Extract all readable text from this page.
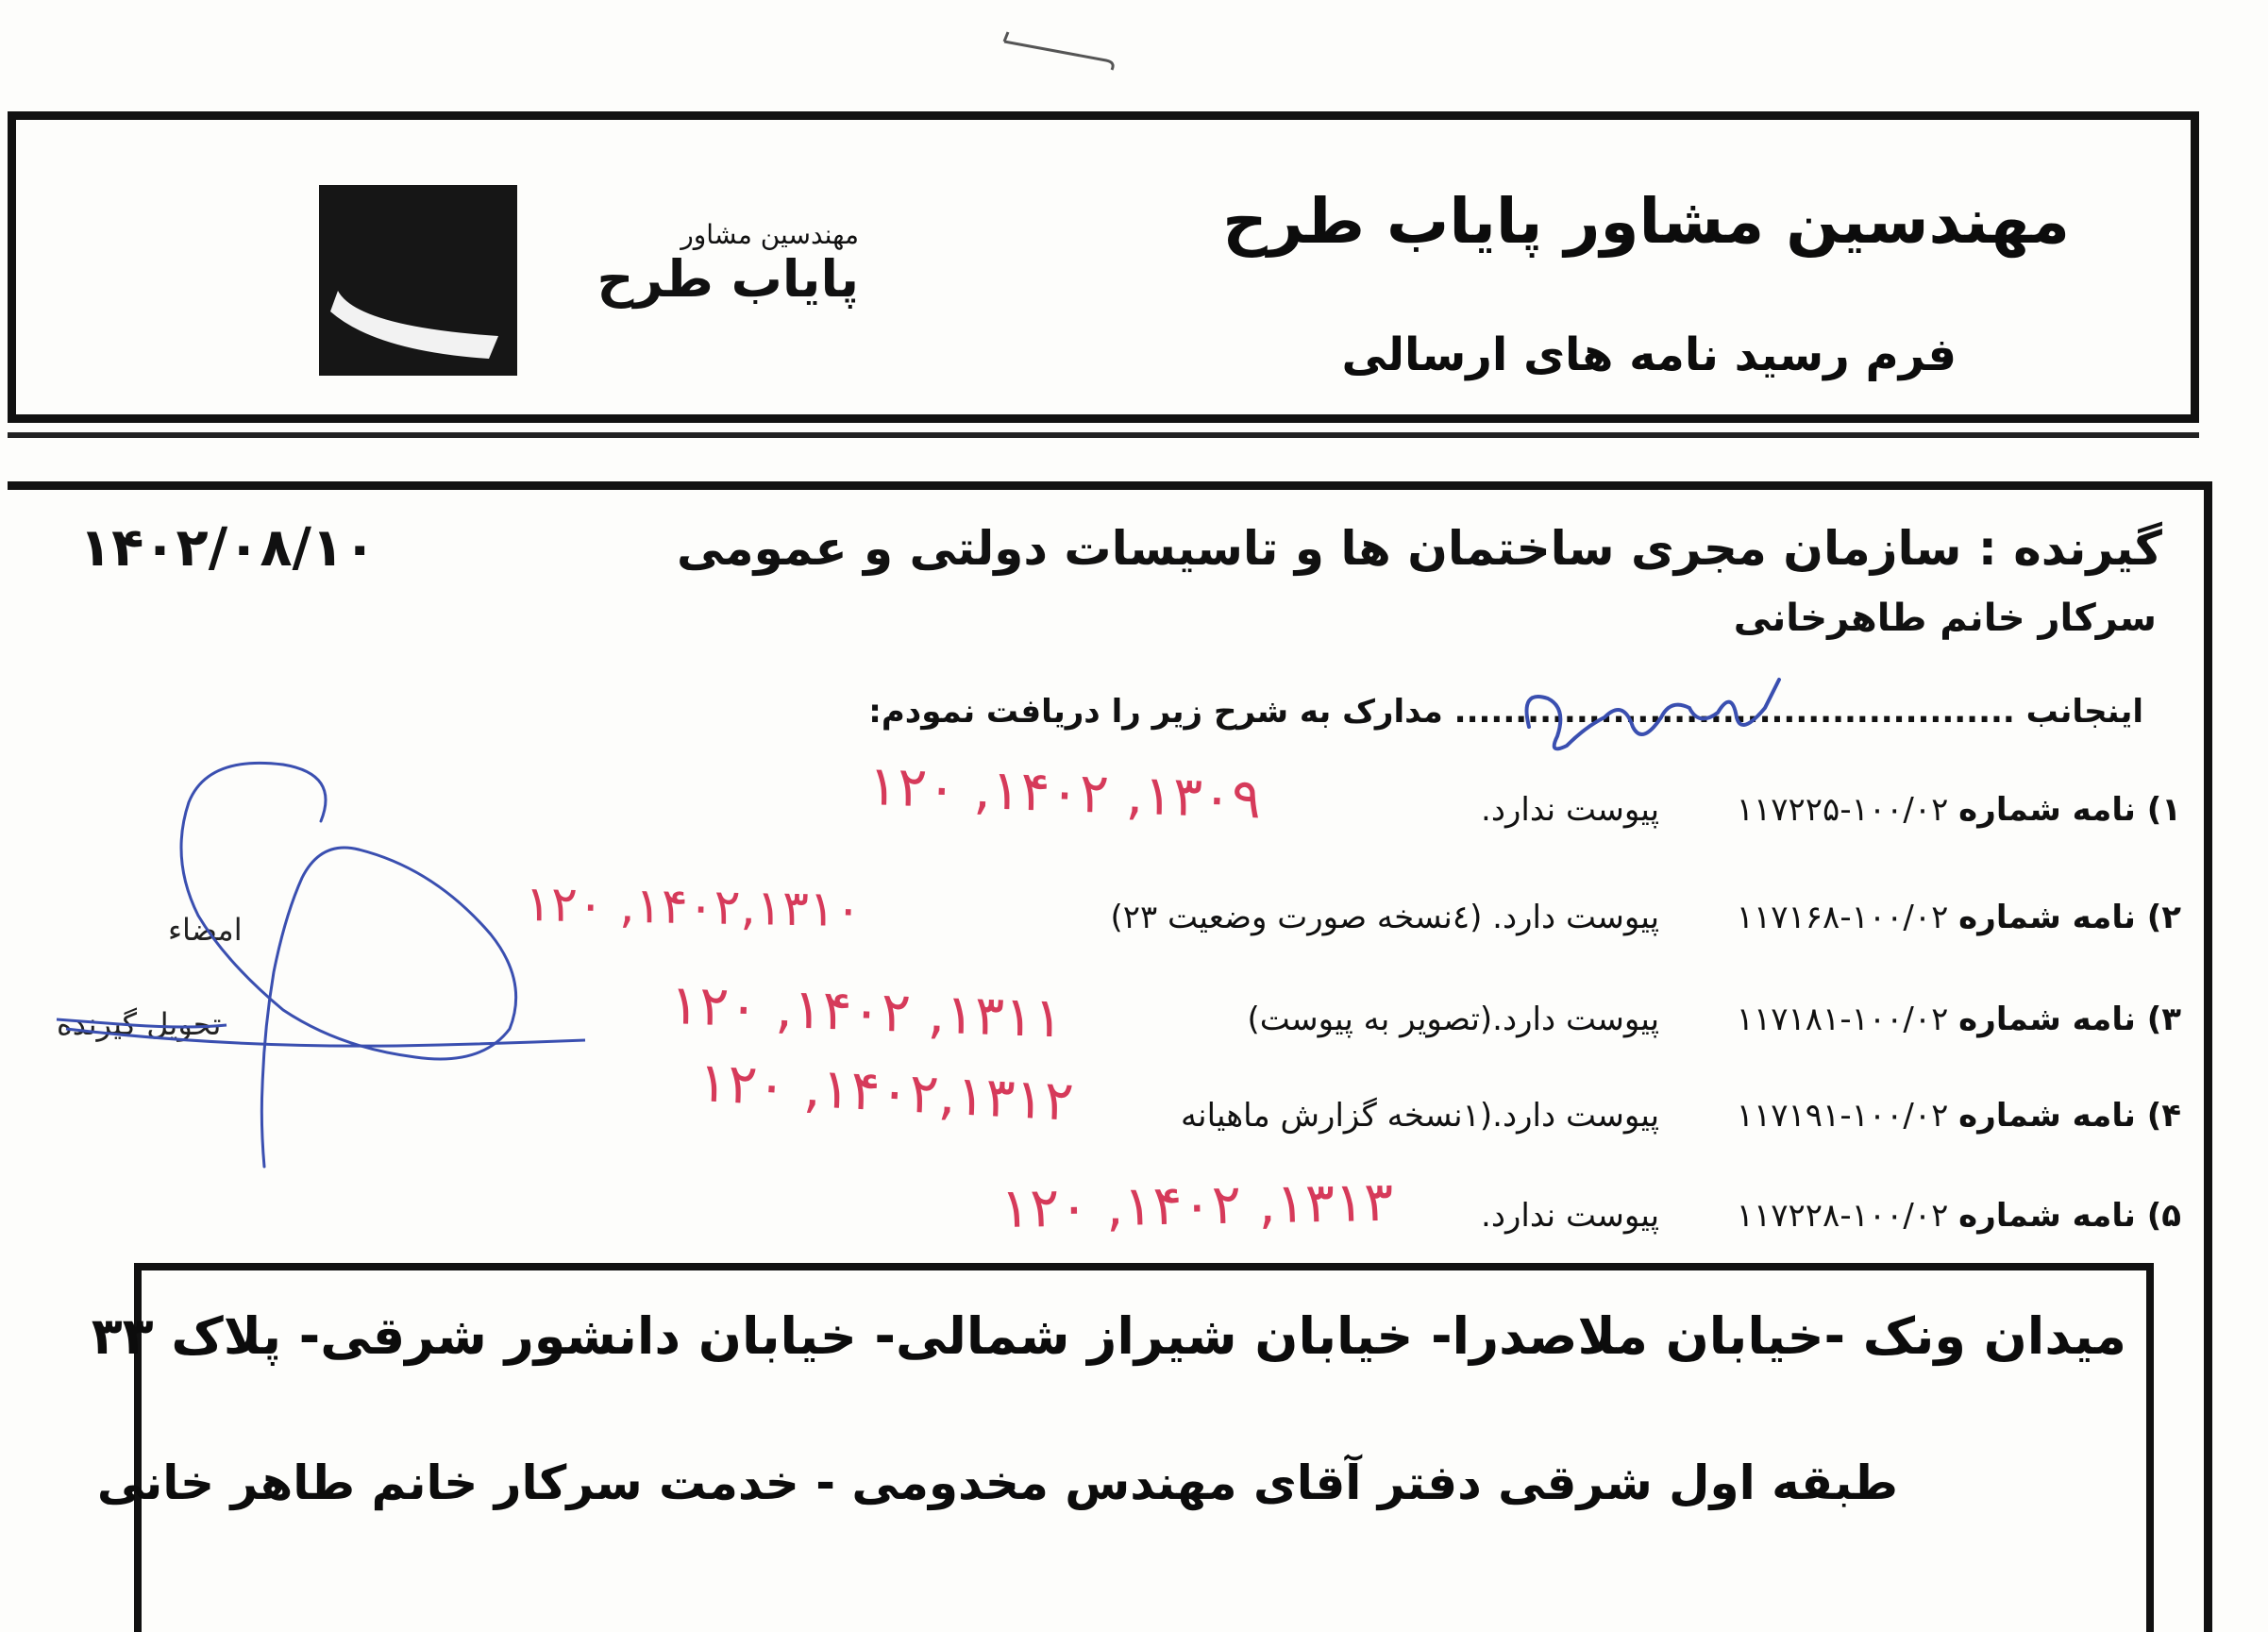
مهندسین مشاور پایاب طرح
فرم رسید نامه های ارسالی
مهندسین مشاور
پایاب طرح
۱۴۰۲/۰۸/۱۰	گیرنده : سازمان مجری ساختمان ها و تاسیسات دولتی و عمومی
سرکار خانم طاهرخانی
اینجانب .............................................. مدارک به شرح زیر را دریافت نمودم:
۱) نامه شماره ۱۰۰/۰۲-۱۱۷۲۲۵  پیوست ندارد.
۲) نامه شماره ۱۰۰/۰۲-۱۱۷۱۶۸  پیوست دارد. (٤نسخه صورت وضعیت ۲۳)
۳) نامه شماره ۱۰۰/۰۲-۱۱۷۱۸۱  پیوست دارد.(تصویر به پیوست)
۴) نامه شماره ۱۰۰/۰۲-۱۱۷۱۹۱  پیوست دارد.(۱نسخه گزارش ماهیانه
۵) نامه شماره ۱۰۰/۰۲-۱۱۷۲۲۸  پیوست ندارد.
۱۲۰ ,۱۴۰۲ ,۱۳۰۹
۱۲۰ ,۱۴۰۲,۱۳۱۰
۱۲۰ ,۱۴۰۲ ,۱۳۱۱
۱۲۰ ,۱۴۰۲,۱۳۱۲
۱۲۰ ,۱۴۰۲ ,۱۳۱۳
امضاء
تحویل گیرنده
میدان ونک -خیابان ملاصدرا- خیابان شیراز شمالی- خیابان دانشور شرقی- پلاک ۳۳
طبقه اول شرقی دفتر آقای مهندس مخدومی - خدمت سرکار خانم طاهر خانی
